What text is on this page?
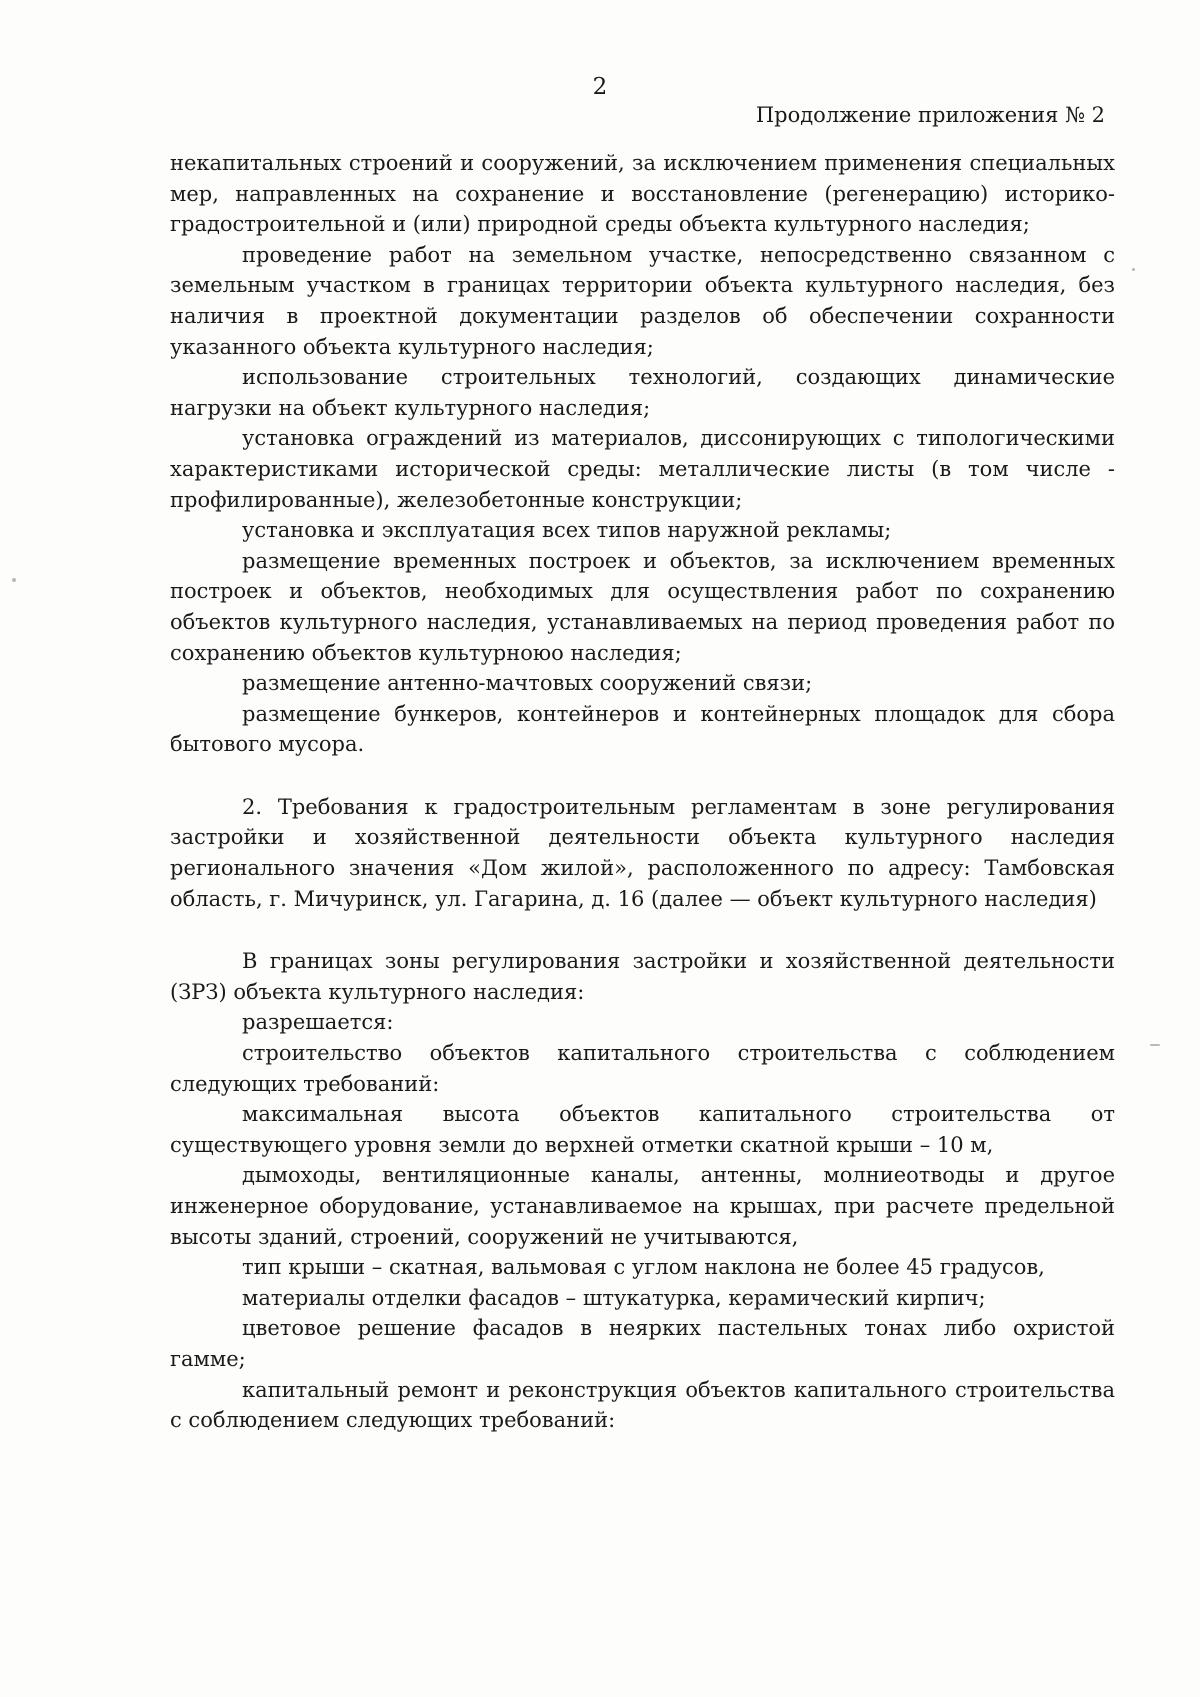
2
Продолжение приложения № 2

некапитальных строений и сооружений, за исключением применения специальных мер, направленных на сохранение и восстановление (регенерацию) историко-градостроительной и (или) природной среды объекта культурного наследия;

проведение работ на земельном участке, непосредственно связанном с земельным участком в границах территории объекта культурного наследия, без наличия в проектной документации разделов об обеспечении сохранности указанного объекта культурного наследия;

использование строительных технологий, создающих динамические нагрузки на объект культурного наследия;

установка ограждений из материалов, диссонирующих с типологическими характеристиками исторической среды: металлические листы (в том числе - профилированные), железобетонные конструкции;

установка и эксплуатация всех типов наружной рекламы;

размещение временных построек и объектов, за исключением временных построек и объектов, необходимых для осуществления работ по сохранению объектов культурного наследия, устанавливаемых на период проведения работ по сохранению объектов культурноюо наследия;

размещение антенно-мачтовых сооружений связи;

размещение бункеров, контейнеров и контейнерных площадок для сбора бытового мусора.

2. Требования к градостроительным регламентам в зоне регулирования застройки и хозяйственной деятельности объекта культурного наследия регионального значения «Дом жилой», расположенного по адресу: Тамбовская область, г. Мичуринск, ул. Гагарина, д. 16 (далее — объект культурного наследия)

В границах зоны регулирования застройки и хозяйственной деятельности (ЗРЗ) объекта культурного наследия:

разрешается:

строительство объектов капитального строительства с соблюдением следующих требований:

максимальная высота объектов капитального строительства от существующего уровня земли до верхней отметки скатной крыши – 10 м,

дымоходы, вентиляционные каналы, антенны, молниеотводы и другое инженерное оборудование, устанавливаемое на крышах, при расчете предельной высоты зданий, строений, сооружений не учитываются,

тип крыши – скатная, вальмовая с углом наклона не более 45 градусов,

материалы отделки фасадов – штукатурка, керамический кирпич;

цветовое решение фасадов в неярких пастельных тонах либо охристой гамме;

капитальный ремонт и реконструкция объектов капитального строительства с соблюдением следующих требований:
